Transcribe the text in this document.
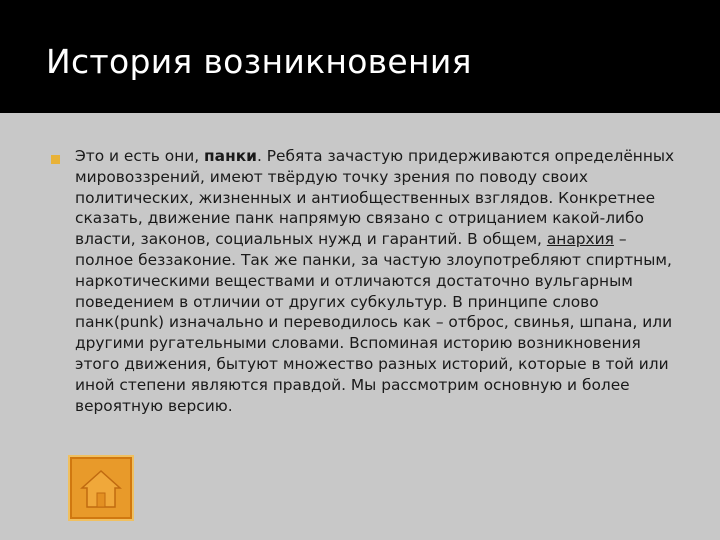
История возникновения

Это и есть они, панки. Ребята зачастую придерживаются определённых мировоззрений, имеют твёрдую точку зрения по поводу своих политических, жизненных и антиобщественных взглядов. Конкретнее сказать, движение панк напрямую связано с отрицанием какой-либо власти, законов, социальных нужд и гарантий. В общем, анархия – полное беззаконие. Так же панки, за частую злоупотребляют спиртным, наркотическими веществами и отличаются достаточно вульгарным поведением в отличии от других субкультур. В принципе слово панк(punk) изначально и переводилось как – отброс, свинья, шпана, или другими ругательными словами. Вспоминая историю возникновения этого движения, бытуют множество разных историй, которые в той или иной степени являются правдой. Мы рассмотрим основную и более вероятную версию.
